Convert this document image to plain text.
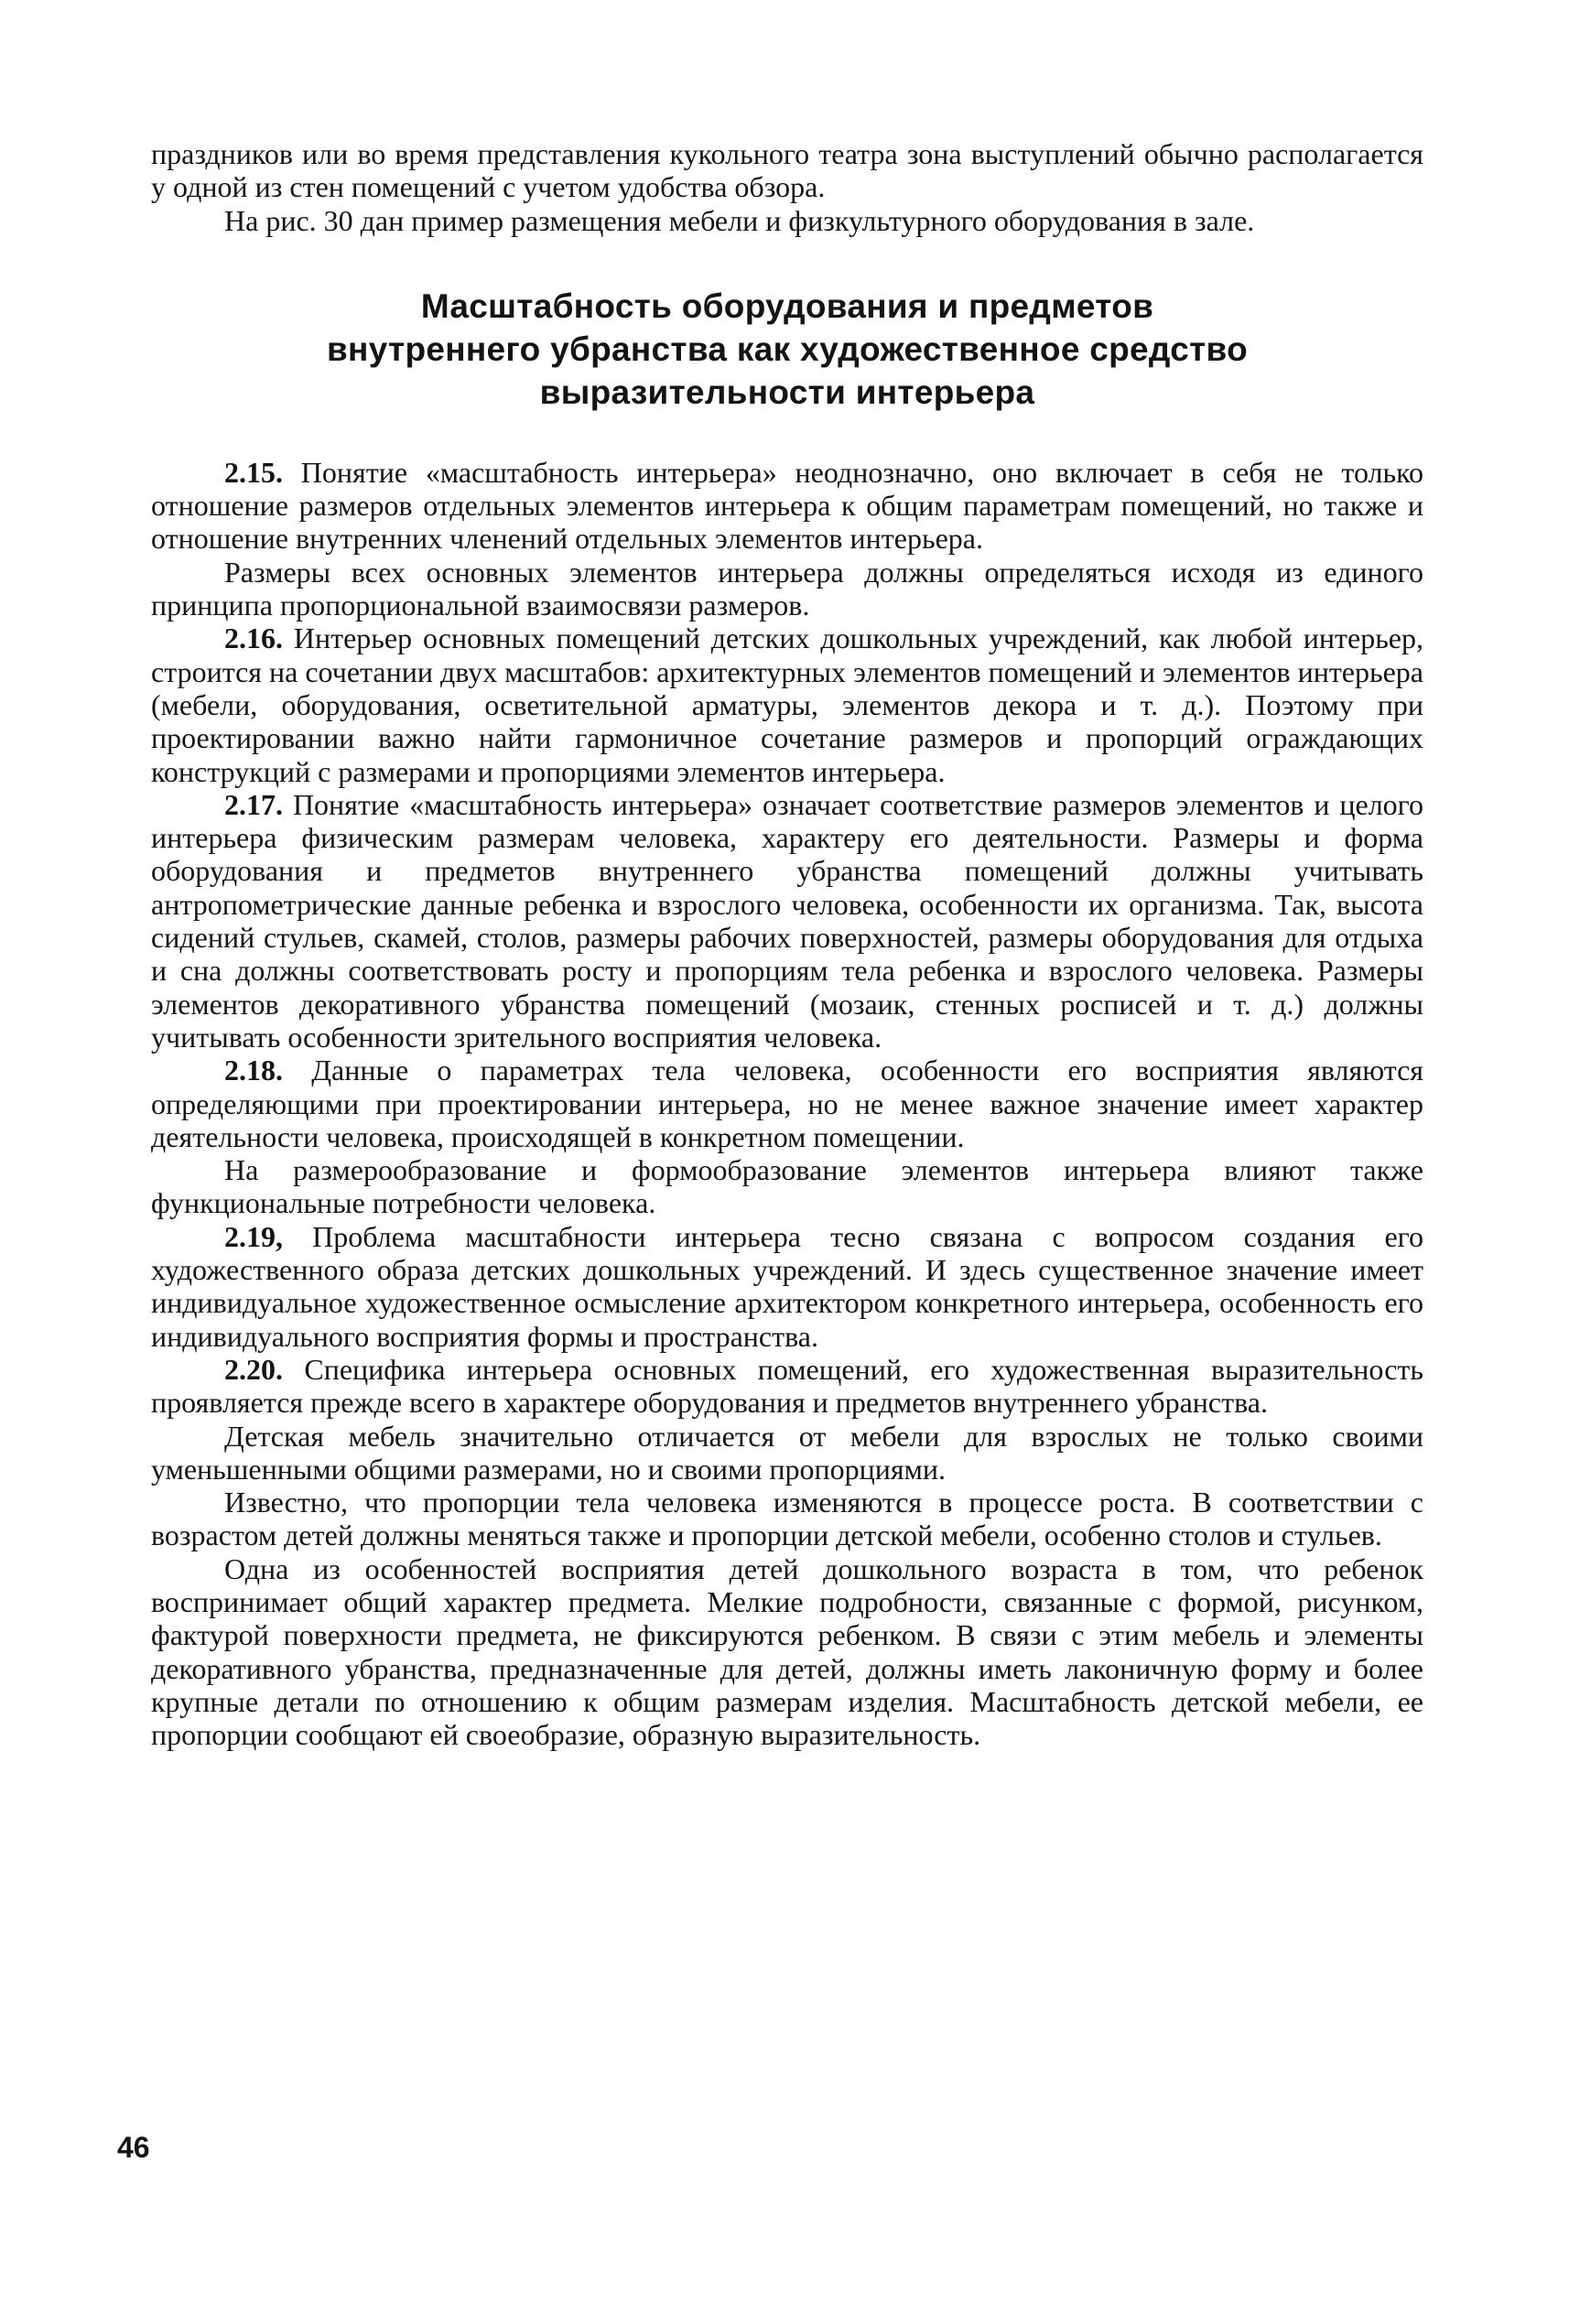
праздников или во время представления кукольного театра зона выступлений обычно располагается у одной из стен помещений с учетом удобства обзора.

На рис. 30 дан пример размещения мебели и физкультурного оборудования в зале.

Масштабность оборудования и предметов
внутреннего убранства как художественное средство
выразительности интерьера

2.15. Понятие «масштабность интерьера» неоднозначно, оно включает в себя не только отношение размеров отдельных элементов интерьера к общим параметрам помещений, но также и отношение внутренних членений отдельных элементов интерьера.

Размеры всех основных элементов интерьера должны определяться исходя из единого принципа пропорциональной взаимосвязи размеров.

2.16. Интерьер основных помещений детских дошкольных учреждений, как любой интерьер, строится на сочетании двух масштабов: архитектурных элементов помещений и элементов интерьера (мебели, оборудования, осветительной арматуры, элементов декора и т. д.). Поэтому при проектировании важно найти гармоничное сочетание размеров и пропорций ограждающих конструкций с размерами и пропорциями элементов интерьера.

2.17. Понятие «масштабность интерьера» означает соответствие размеров элементов и целого интерьера физическим размерам человека, характеру его деятельности. Размеры и форма оборудования и предметов внутреннего убранства помещений должны учитывать антропометрические данные ребенка и взрослого человека, особенности их организма. Так, высота сидений стульев, скамей, столов, размеры рабочих поверхностей, размеры оборудования для отдыха и сна должны соответствовать росту и пропорциям тела ребенка и взрослого человека. Размеры элементов декоративного убранства помещений (мозаик, стенных росписей и т. д.) должны учитывать особенности зрительного восприятия человека.

2.18. Данные о параметрах тела человека, особенности его восприятия являются определяющими при проектировании интерьера, но не менее важное значение имеет характер деятельности человека, происходящей в конкретном помещении.

На размерообразование и формообразование элементов интерьера влияют также функциональные потребности человека.

2.19, Проблема масштабности интерьера тесно связана с вопросом создания его художественного образа детских дошкольных учреждений. И здесь существенное значение имеет индивидуальное художественное осмысление архитектором конкретного интерьера, особенность его индивидуального восприятия формы и пространства.

2.20. Специфика интерьера основных помещений, его художественная выразительность проявляется прежде всего в характере оборудования и предметов внутреннего убранства.

Детская мебель значительно отличается от мебели для взрослых не только своими уменьшенными общими размерами, но и своими пропорциями.

Известно, что пропорции тела человека изменяются в процессе роста. В соответствии с возрастом детей должны меняться также и пропорции детской мебели, особенно столов и стульев.

Одна из особенностей восприятия детей дошкольного возраста в том, что ребенок воспринимает общий характер предмета. Мелкие подробности, связанные с формой, рисунком, фактурой поверхности предмета, не фиксируются ребенком. В связи с этим мебель и элементы декоративного убранства, предназначенные для детей, должны иметь лаконичную форму и более крупные детали по отношению к общим размерам изделия. Масштабность детской мебели, ее пропорции сообщают ей своеобразие, образную выразительность.

46
